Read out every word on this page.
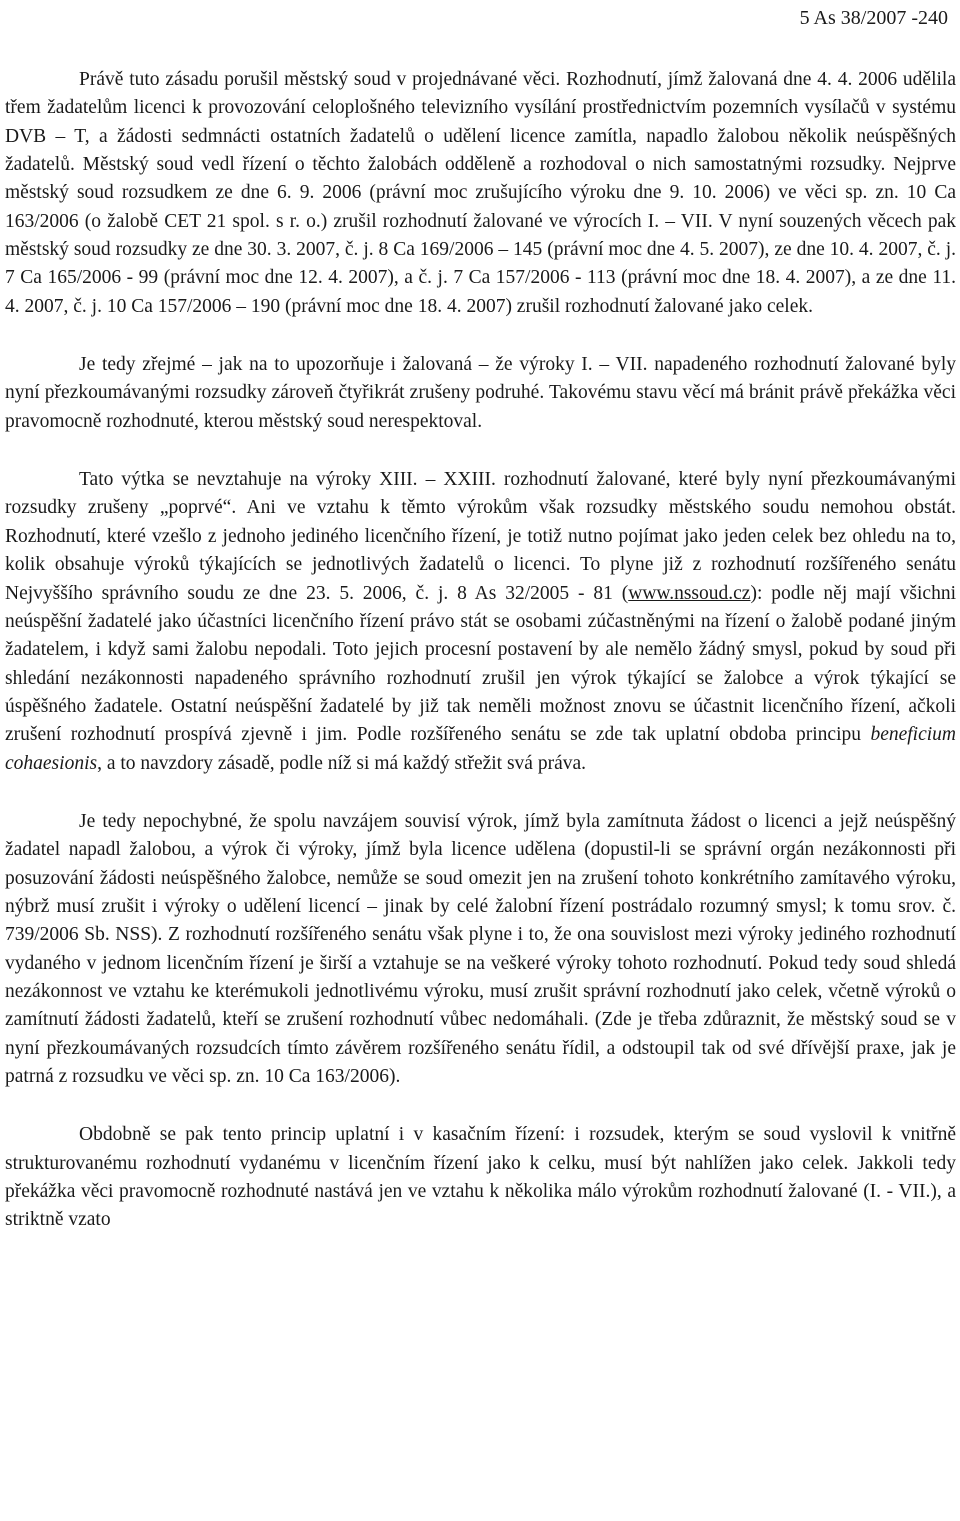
5 As 38/2007 -240

Právě tuto zásadu porušil městský soud v projednávané věci. Rozhodnutí, jímž žalovaná dne 4. 4. 2006 udělila třem žadatelům licenci k provozování celoplošného televizního vysílání prostřednictvím pozemních vysílačů v systému DVB – T, a žádosti sedmnácti ostatních žadatelů o udělení licence zamítla, napadlo žalobou několik neúspěšných žadatelů. Městský soud vedl řízení o těchto žalobách odděleně a rozhodoval o nich samostatnými rozsudky. Nejprve městský soud rozsudkem ze dne 6. 9. 2006 (právní moc zrušujícího výroku dne 9. 10. 2006) ve věci sp. zn. 10 Ca 163/2006 (o žalobě CET 21 spol. s r. o.) zrušil rozhodnutí žalované ve výrocích I. – VII. V nyní souzených věcech pak městský soud rozsudky ze dne 30. 3. 2007, č. j. 8 Ca 169/2006 – 145 (právní moc dne 4. 5. 2007), ze dne 10. 4. 2007, č. j. 7 Ca 165/2006 - 99 (právní moc dne 12. 4. 2007), a č. j. 7 Ca 157/2006 - 113 (právní moc dne 18. 4. 2007), a ze dne 11. 4. 2007, č. j. 10 Ca 157/2006 – 190 (právní moc dne 18. 4. 2007) zrušil rozhodnutí žalované jako celek.

Je tedy zřejmé – jak na to upozorňuje i žalovaná – že výroky I. – VII. napadeného rozhodnutí žalované byly nyní přezkoumávanými rozsudky zároveň čtyřikrát zrušeny podruhé. Takovému stavu věcí má bránit právě překážka věci pravomocně rozhodnuté, kterou městský soud nerespektoval.

Tato výtka se nevztahuje na výroky XIII. – XXIII. rozhodnutí žalované, které byly nyní přezkoumávanými rozsudky zrušeny „poprvé“. Ani ve vztahu k těmto výrokům však rozsudky městského soudu nemohou obstát. Rozhodnutí, které vzešlo z jednoho jediného licenčního řízení, je totiž nutno pojímat jako jeden celek bez ohledu na to, kolik obsahuje výroků týkajících se jednotlivých žadatelů o licenci. To plyne již z rozhodnutí rozšířeného senátu Nejvyššího správního soudu ze dne 23. 5. 2006, č. j. 8 As 32/2005 - 81 (www.nssoud.cz): podle něj mají všichni neúspěšní žadatelé jako účastníci licenčního řízení právo stát se osobami zúčastněnými na řízení o žalobě podané jiným žadatelem, i když sami žalobu nepodali. Toto jejich procesní postavení by ale nemělo žádný smysl, pokud by soud při shledání nezákonnosti napadeného správního rozhodnutí zrušil jen výrok týkající se žalobce a výrok týkající se úspěšného žadatele. Ostatní neúspěšní žadatelé by již tak neměli možnost znovu se účastnit licenčního řízení, ačkoli zrušení rozhodnutí prospívá zjevně i jim. Podle rozšířeného senátu se zde tak uplatní obdoba principu beneficium cohaesionis, a to navzdory zásadě, podle níž si má každý střežit svá práva.

Je tedy nepochybné, že spolu navzájem souvisí výrok, jímž byla zamítnuta žádost o licenci a jejž neúspěšný žadatel napadl žalobou, a výrok či výroky, jímž byla licence udělena (dopustil-li se správní orgán nezákonnosti při posuzování žádosti neúspěšného žalobce, nemůže se soud omezit jen na zrušení tohoto konkrétního zamítavého výroku, nýbrž musí zrušit i výroky o udělení licencí – jinak by celé žalobní řízení postrádalo rozumný smysl; k tomu srov. č. 739/2006 Sb. NSS). Z rozhodnutí rozšířeného senátu však plyne i to, že ona souvislost mezi výroky jediného rozhodnutí vydaného v jednom licenčním řízení je širší a vztahuje se na veškeré výroky tohoto rozhodnutí. Pokud tedy soud shledá nezákonnost ve vztahu ke kterémukoli jednotlivému výroku, musí zrušit správní rozhodnutí jako celek, včetně výroků o zamítnutí žádosti žadatelů, kteří se zrušení rozhodnutí vůbec nedomáhali. (Zde je třeba zdůraznit, že městský soud se v nyní přezkoumávaných rozsudcích tímto závěrem rozšířeného senátu řídil, a odstoupil tak od své dřívější praxe, jak je patrná z rozsudku ve věci sp. zn. 10 Ca 163/2006).

Obdobně se pak tento princip uplatní i v kasačním řízení: i rozsudek, kterým se soud vyslovil k vnitřně strukturovanému rozhodnutí vydanému v licenčním řízení jako k celku, musí být nahlížen jako celek. Jakkoli tedy překážka věci pravomocně rozhodnuté nastává jen ve vztahu k několika málo výrokům rozhodnutí žalované (I. - VII.), a striktně vzato
